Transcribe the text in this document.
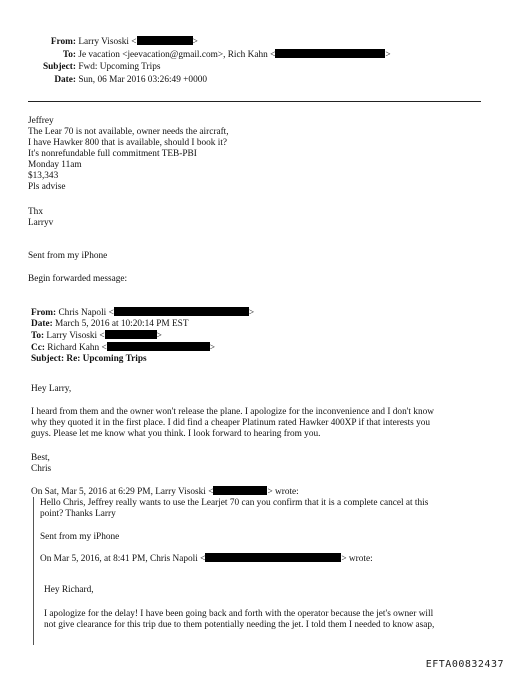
From: Larry Visoski <	>
To: Je vacation <jeevacation@gmail.com>, Rich Kahn <	>
Subject: Fwd: Upcoming Trips
Date: Sun, 06 Mar 2016 03:26:49 +0000
Jeffrey
The Lear 70 is not available, owner needs the aircraft,
I have Hawker 800 that is available, should I book it?
It's nonrefundable full commitment TEB-PBI
Monday 11am
$13,343
Pls advise
Thx
Larryv
Sent from my iPhone
Begin forwarded message:
From: Chris Napoli <	>
Date: March 5, 2016 at 10:20:14 PM EST
To: Larry Visoski <	>
Cc: Richard Kahn <	>
Subject: Re: Upcoming Trips
Hey Larry,
I heard from them and the owner won't release the plane. I apologize for the inconvenience and I don't know
why they quoted it in the first place. I did find a cheaper Platinum rated Hawker 400XP if that interests you
guys. Please let me know what you think. I look forward to hearing from you.
Best,
Chris
On Sat, Mar 5, 2016 at 6:29 PM, Larry Visoski <	> wrote:
Hello Chris, Jeffrey really wants to use the Learjet 70 can you confirm that it is a complete cancel at this
point? Thanks Larry
Sent from my iPhone
On Mar 5, 2016, at 8:41 PM, Chris Napoli <	> wrote:
Hey Richard,
I apologize for the delay! I have been going back and forth with the operator because the jet's owner will
not give clearance for this trip due to them potentially needing the jet. I told them I needed to know asap,
EFTA00832437
